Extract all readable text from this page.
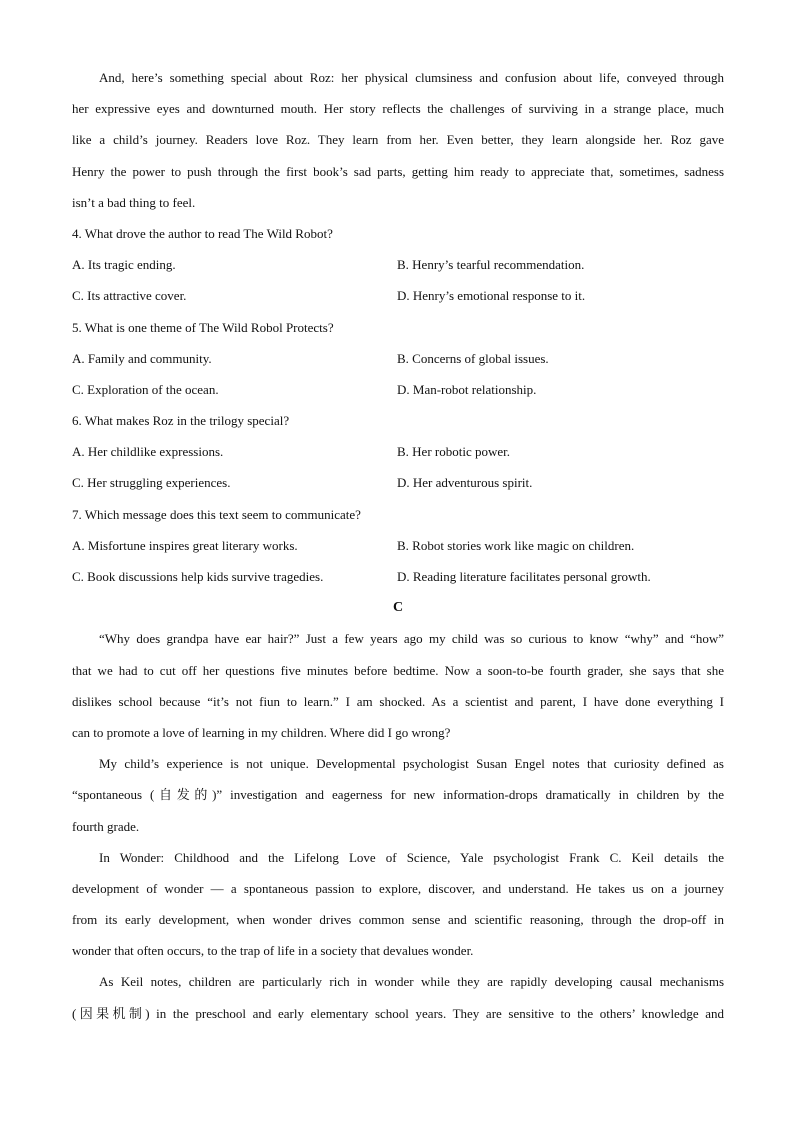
And, here’s something special about Roz: her physical clumsiness and confusion about life, conveyed through
her expressive eyes and downturned mouth. Her story reflects the challenges of surviving in a strange place, much
like a child’s journey. Readers love Roz. They learn from her. Even better, they learn alongside her. Roz gave
Henry the power to push through the first book’s sad parts, getting him ready to appreciate that, sometimes, sadness
isn’t a bad thing to feel.
4. What drove the author to read The Wild Robot?
A. Its tragic ending.	B. Henry’s tearful recommendation.
C. Its attractive cover.	D. Henry’s emotional response to it.
5. What is one theme of The Wild Robol Protects?
A. Family and community.	B. Concerns of global issues.
C. Exploration of the ocean.	D. Man-robot relationship.
6. What makes Roz in the trilogy special?
A. Her childlike expressions.	B. Her robotic power.
C. Her struggling experiences.	D. Her adventurous spirit.
7. Which message does this text seem to communicate?
A. Misfortune inspires great literary works.	B. Robot stories work like magic on children.
C. Book discussions help kids survive tragedies.	D. Reading literature facilitates personal growth.
C
“Why does grandpa have ear hair?” Just a few years ago my child was so curious to know “why” and “how”
that we had to cut off her questions five minutes before bedtime. Now a soon-to-be fourth grader, she says that she
dislikes school because “it’s not fiun to learn.” I am shocked. As a scientist and parent, I have done everything I
can to promote a love of learning in my children. Where did I go wrong?
My child’s experience is not unique. Developmental psychologist Susan Engel notes that curiosity defined as
“spontaneous (自发的)” investigation and eagerness for new information-drops dramatically in children by the
fourth grade.
In Wonder: Childhood and the Lifelong Love of Science, Yale psychologist Frank C. Keil details the
development of wonder — a spontaneous passion to explore, discover, and understand. He takes us on a journey
from its early development, when wonder drives common sense and scientific reasoning, through the drop-off in
wonder that often occurs, to the trap of life in a society that devalues wonder.
As Keil notes, children are particularly rich in wonder while they are rapidly developing causal mechanisms
(因果机制) in the preschool and early elementary school years. They are sensitive to the others’ knowledge and
